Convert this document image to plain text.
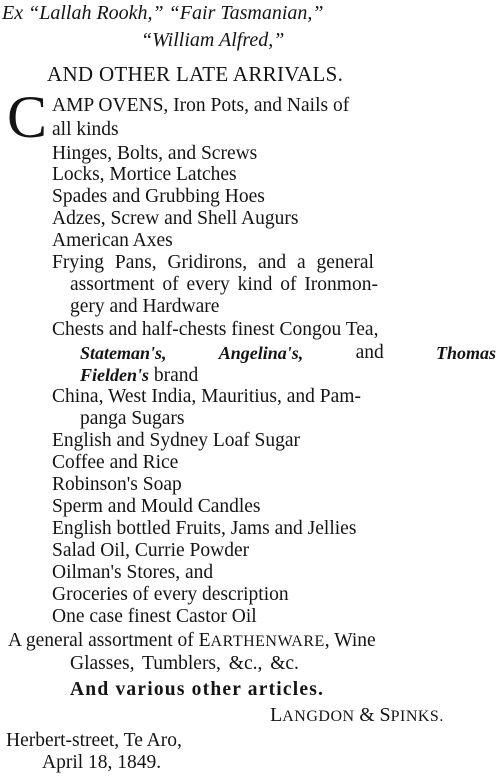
Ex “Lallah Rookh,” “Fair Tasmanian,”
“William Alfred,”
AND OTHER LATE ARRIVALS.
C AMP OVENS, Iron Pots, and Nails of
all kinds
Hinges, Bolts, and Screws
Locks, Mortice Latches
Spades and Grubbing Hoes
Adzes, Screw and Shell Augurs
American Axes
Frying Pans, Gridirons, and a general
assortment of every kind of Ironmon-
gery and Hardware
Chests and half-chests finest Congou Tea,
Stateman's,	Angelina's,	and	Thomas
Fielden's brand
China, West India, Mauritius, and Pam-
panga Sugars
English and Sydney Loaf Sugar
Coffee and Rice
Robinson's Soap
Sperm and Mould Candles
English bottled Fruits, Jams and Jellies
Salad Oil, Currie Powder
Oilman's Stores, and
Groceries of every description
One case finest Castor Oil
A general assortment of EARTHENWARE, Wine
Glasses, Tumblers, &c., &c.
And various other articles.
LANGDON & SPINKS.
Herbert-street, Te Aro,
April 18, 1849.
